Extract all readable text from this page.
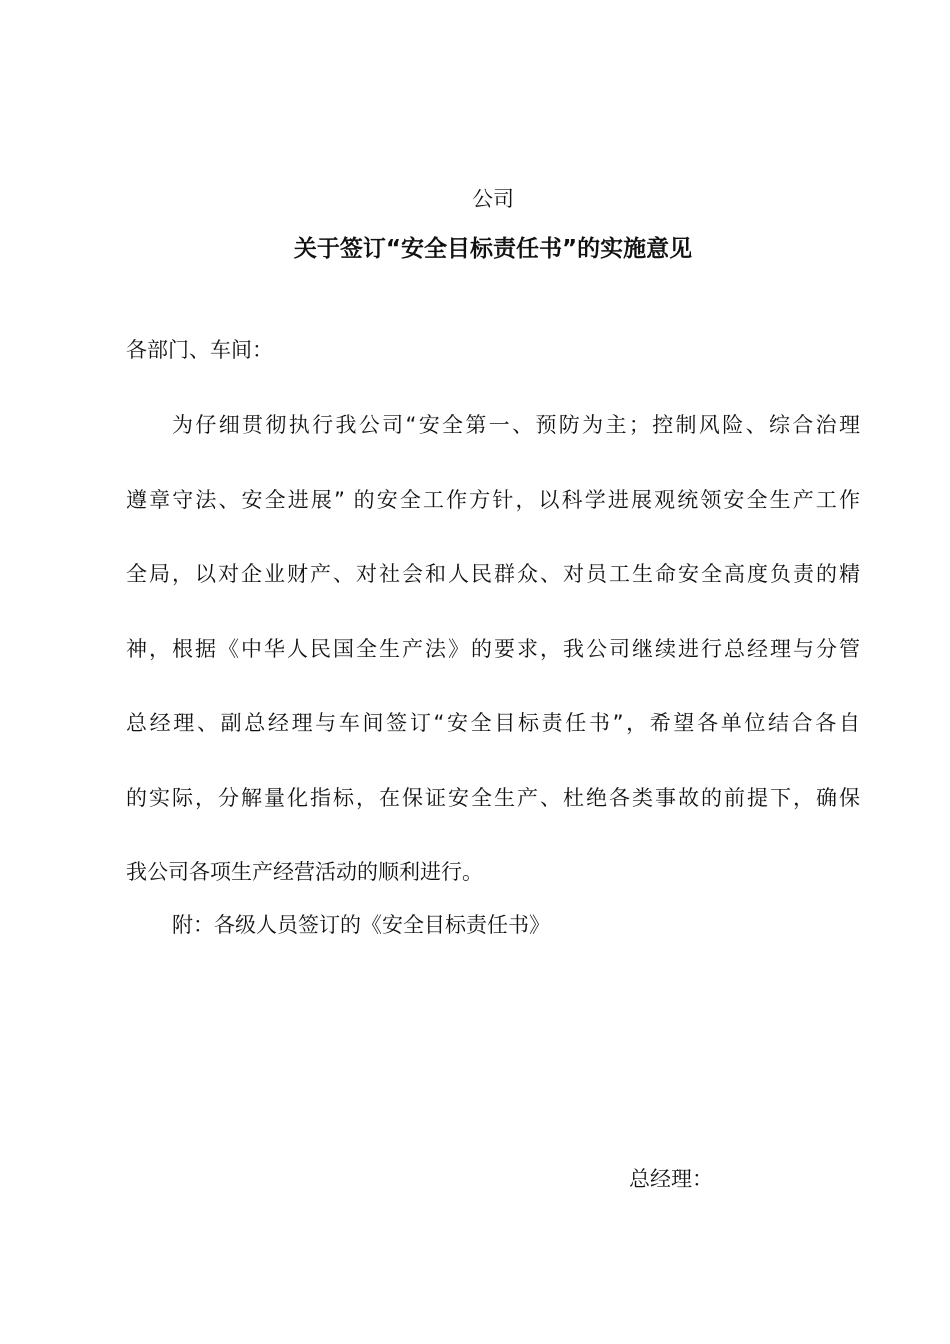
公司
关于签订“安全目标责任书”的实施意见
各部门、车间：
为仔细贯彻执行我公司“安全第一、预防为主；控制风险、综合治理
遵章守法、安全进展” 的安全工作方针，以科学进展观统领安全生产工作
全局，以对企业财产、对社会和人民群众、对员工生命安全高度负责的精
神，根据《中华人民国全生产法》的要求，我公司继续进行总经理与分管
总经理、副总经理与车间签订“安全目标责任书”，希望各单位结合各自
的实际，分解量化指标，在保证安全生产、杜绝各类事故的前提下，确保
我公司各项生产经营活动的顺利进行。
附：各级人员签订的《安全目标责任书》
总经理：
